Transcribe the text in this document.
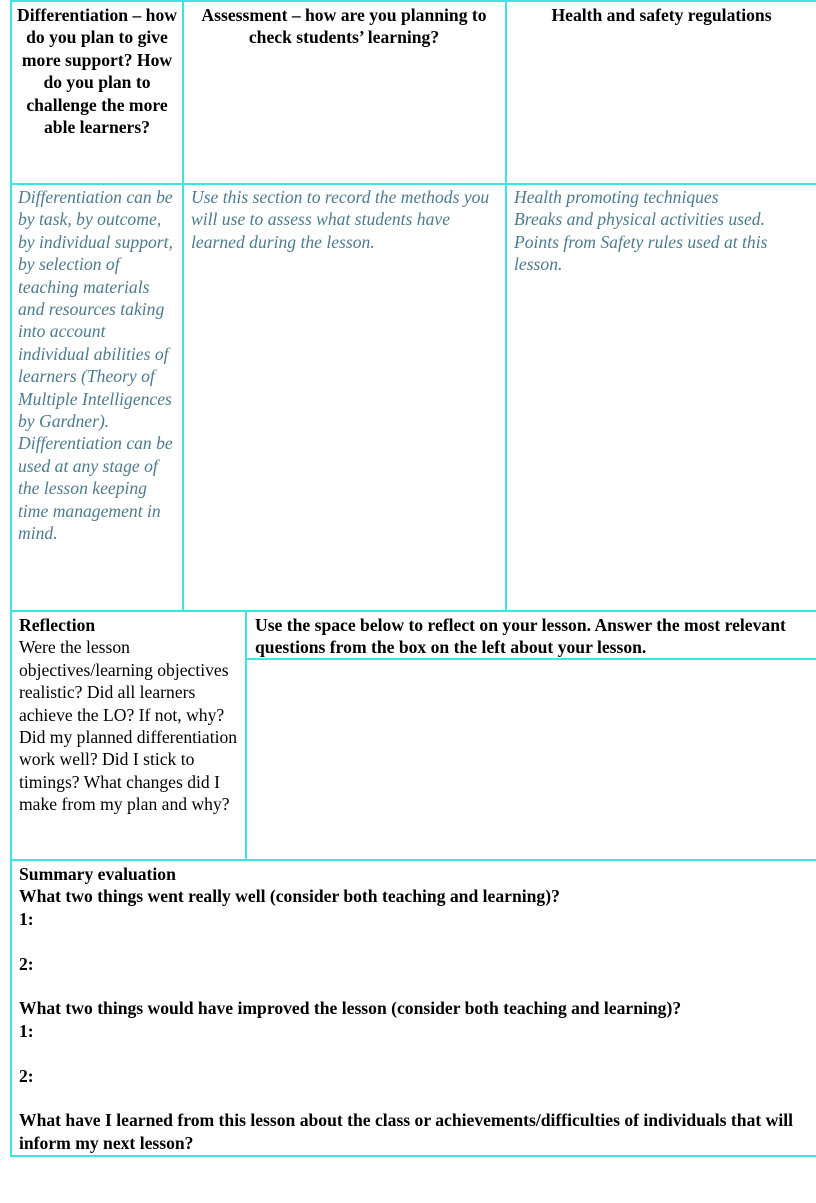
Differentiation – how do you plan to give more support? How do you plan to challenge the more able learners?
Assessment – how are you planning to check students’ learning?
Health and safety regulations
Differentiation can be by task, by outcome, by individual support, by selection of teaching materials and resources taking into account individual abilities of learners (Theory of Multiple Intelligences by Gardner). Differentiation can be used at any stage of the lesson keeping time management in mind.
Use this section to record the methods you will use to assess what students have learned during the lesson.
Health promoting techniques
Breaks and physical activities used.
Points from Safety rules used at this lesson.
Reflection
Were the lesson objectives/learning objectives realistic? Did all learners achieve the LO? If not, why? Did my planned differentiation work well? Did I stick to timings? What changes did I make from my plan and why?
Use the space below to reflect on your lesson. Answer the most relevant questions from the box on the left about your lesson.
Summary evaluation
What two things went really well (consider both teaching and learning)?
1:
2:
What two things would have improved the lesson (consider both teaching and learning)?
1:
2:
What have I learned from this lesson about the class or achievements/difficulties of individuals that will inform my next lesson?
